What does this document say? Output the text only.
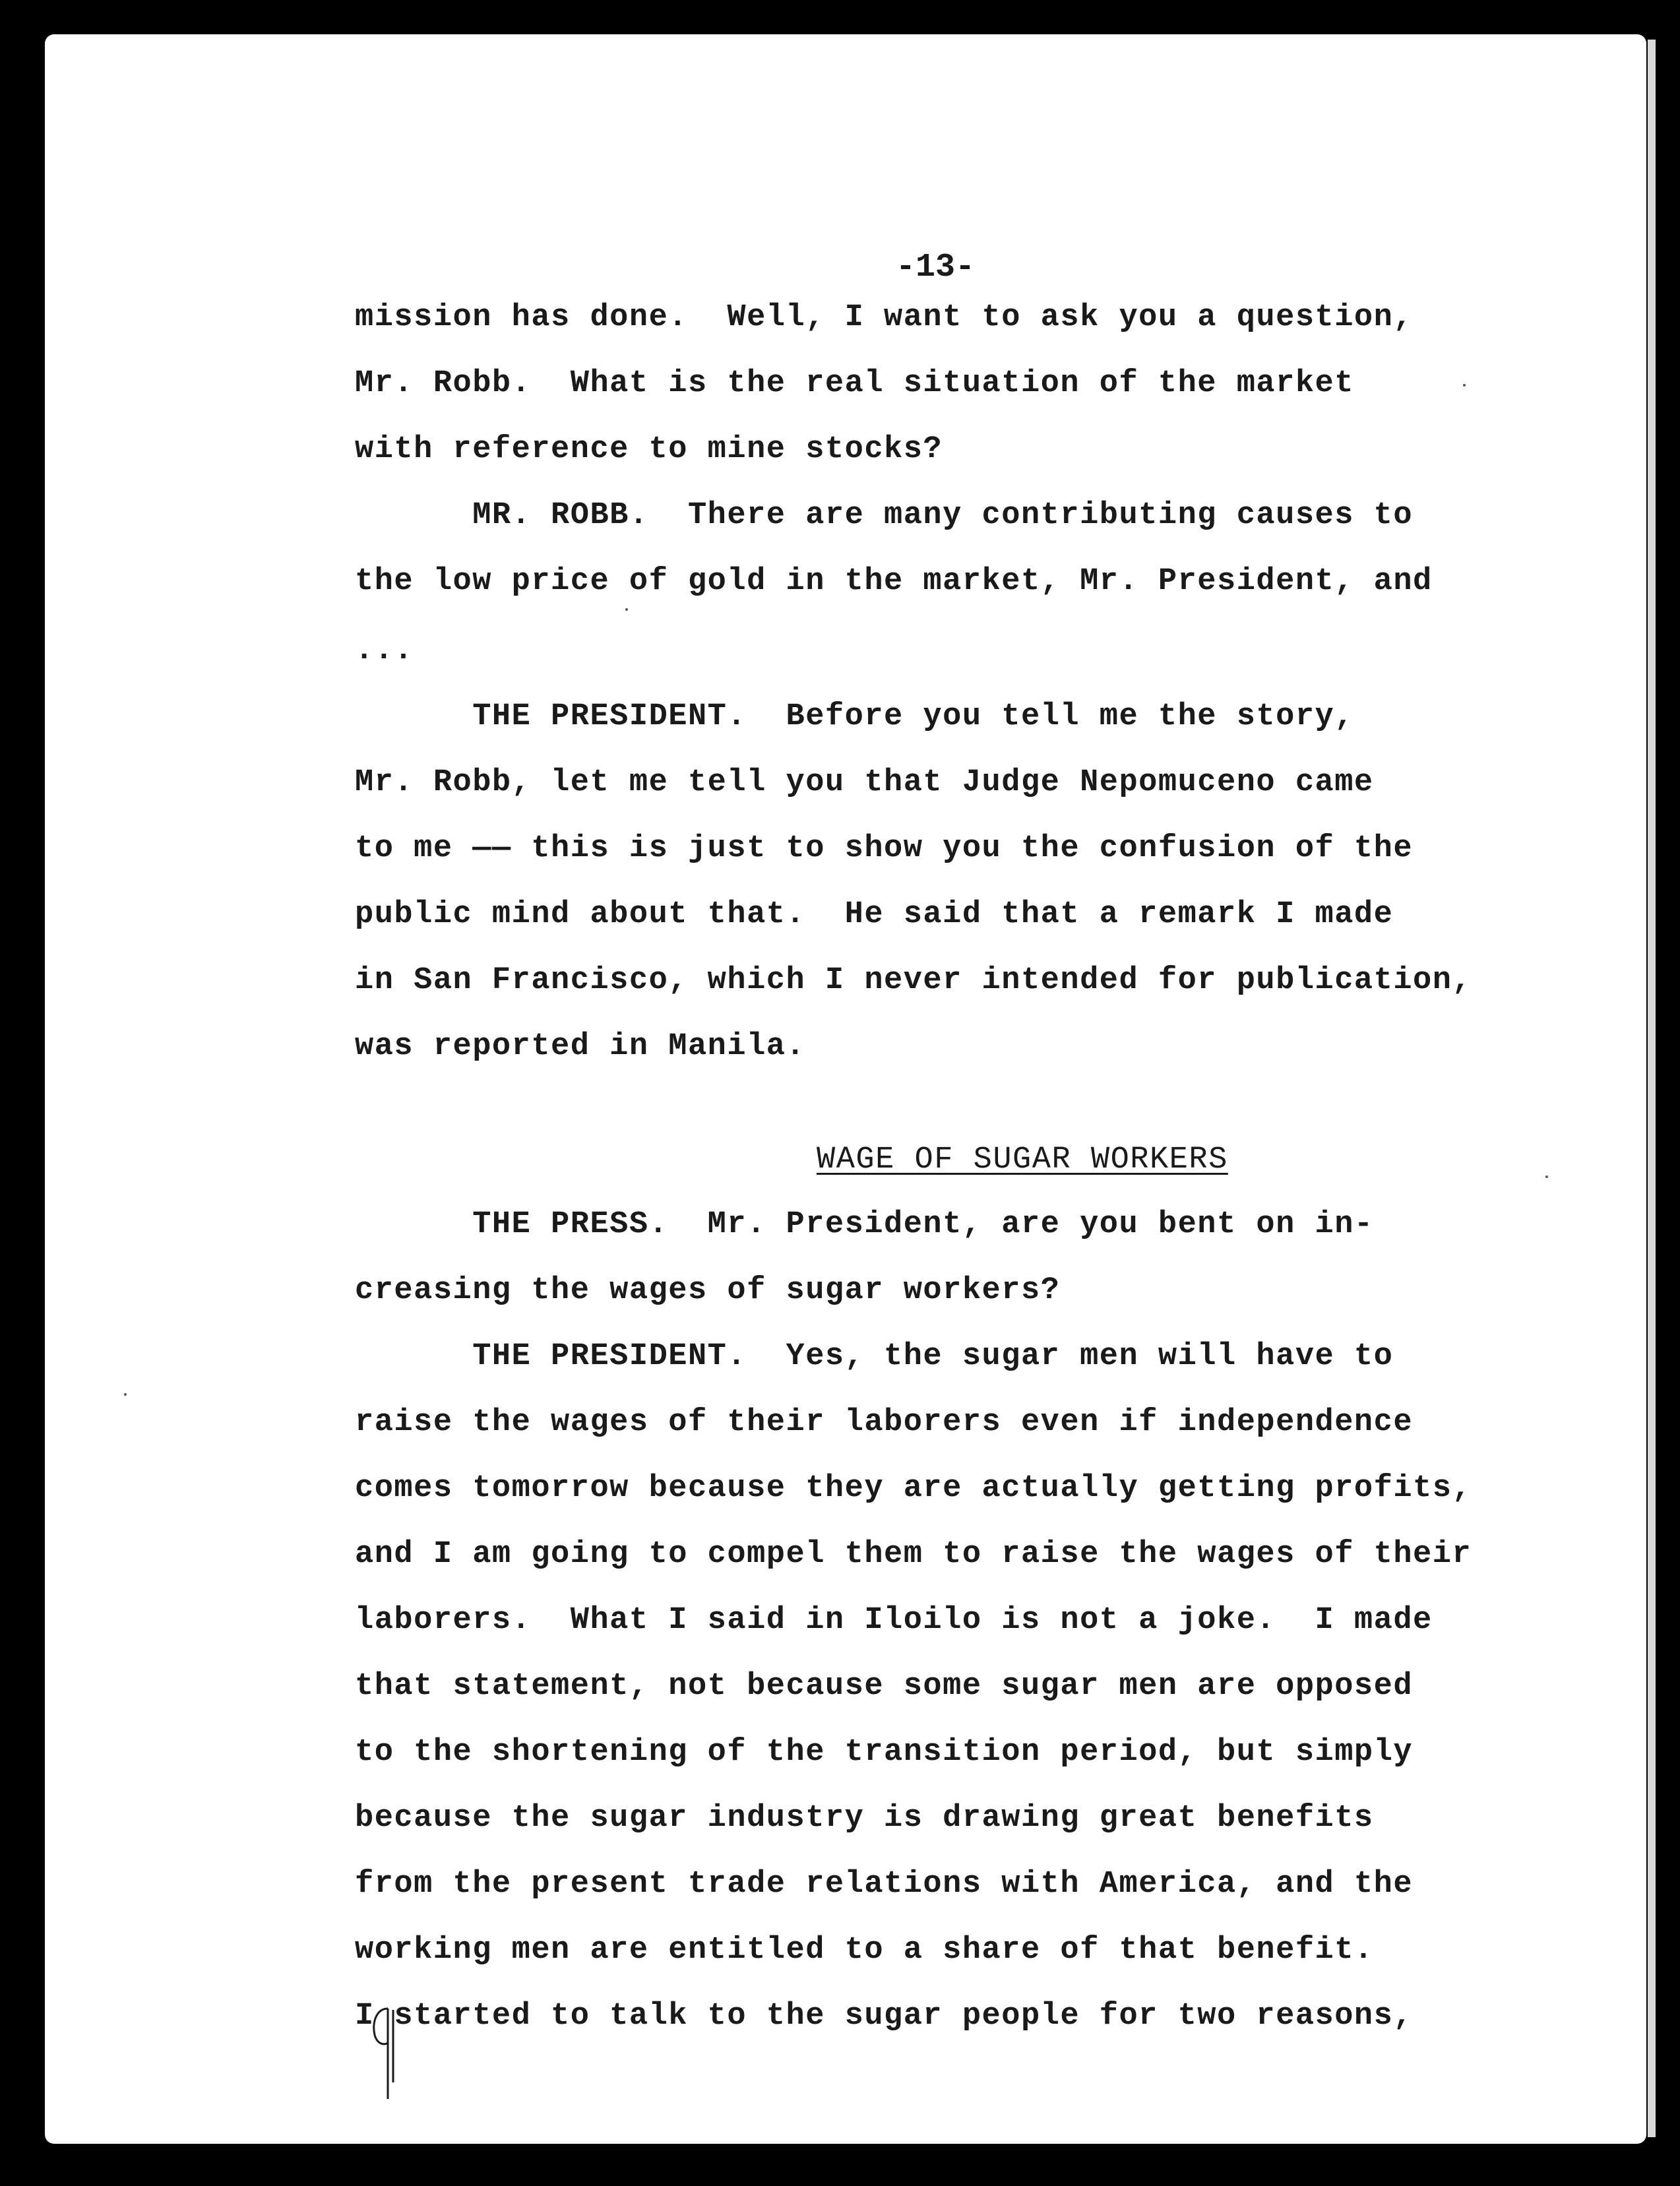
-13-
mission has done.  Well, I want to ask you a question,
Mr. Robb.  What is the real situation of the market
with reference to mine stocks?
MR. ROBB.  There are many contributing causes to
the low price of gold in the market, Mr. President, and
...
THE PRESIDENT.  Before you tell me the story,
Mr. Robb, let me tell you that Judge Nepomuceno came
to me —— this is just to show you the confusion of the
public mind about that.  He said that a remark I made
in San Francisco, which I never intended for publication,
was reported in Manila.
WAGE OF SUGAR WORKERS
THE PRESS.  Mr. President, are you bent on in-
creasing the wages of sugar workers?
THE PRESIDENT.  Yes, the sugar men will have to
raise the wages of their laborers even if independence
comes tomorrow because they are actually getting profits,
and I am going to compel them to raise the wages of their
laborers.  What I said in Iloilo is not a joke.  I made
that statement, not because some sugar men are opposed
to the shortening of the transition period, but simply
because the sugar industry is drawing great benefits
from the present trade relations with America, and the
working men are entitled to a share of that benefit.
I started to talk to the sugar people for two reasons,
